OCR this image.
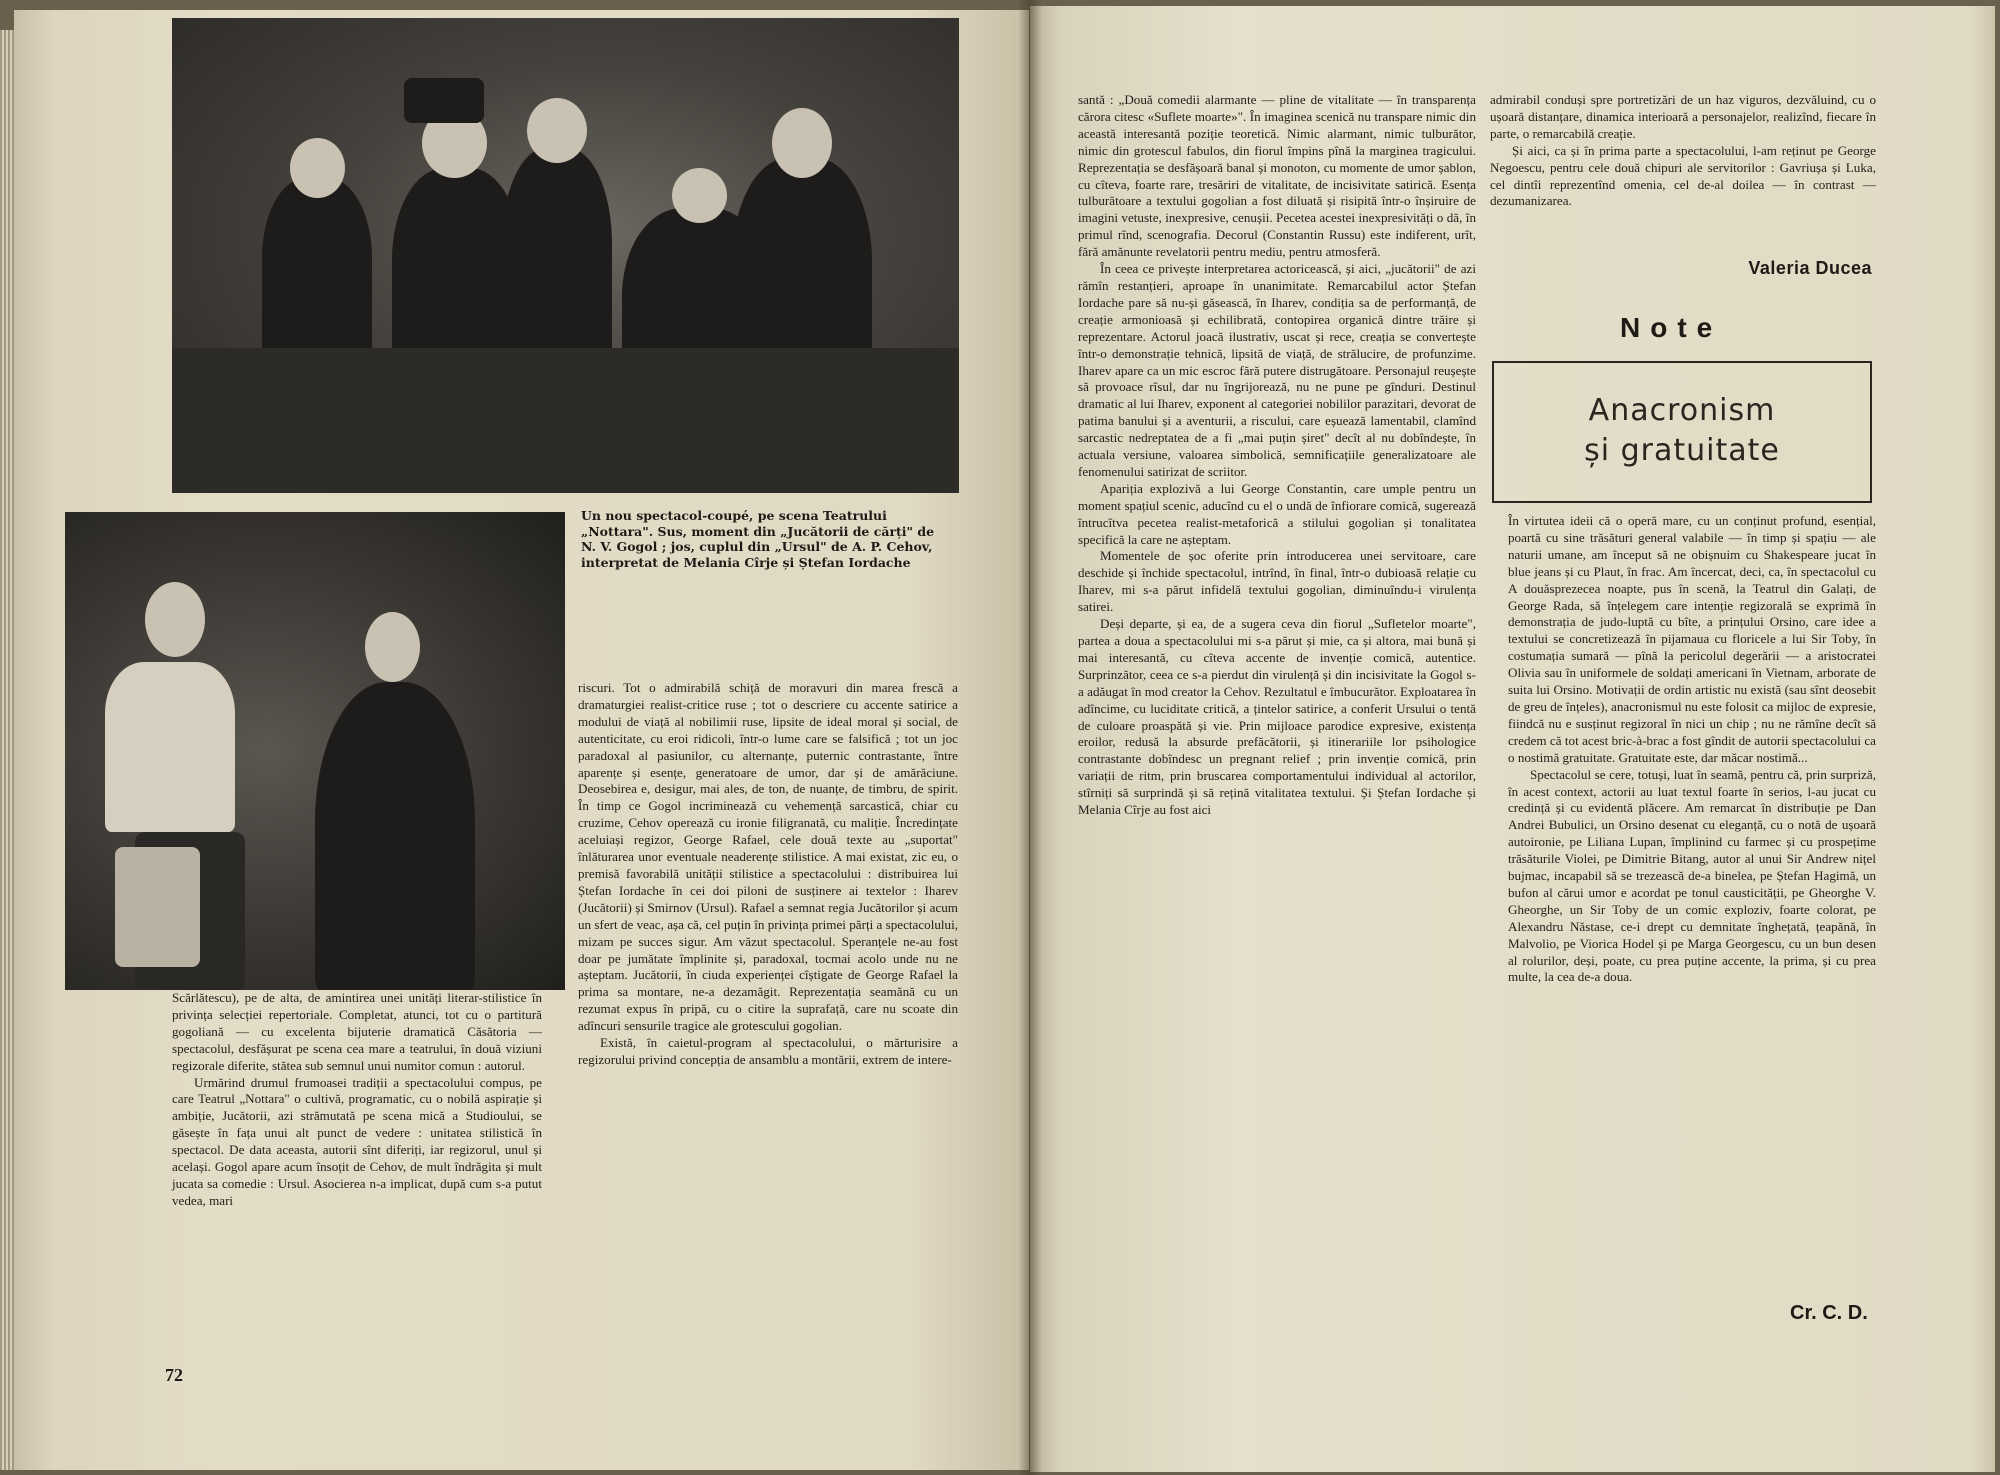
Un nou spectacol-coupé, pe scena Teatrului „Nottara". Sus, moment din „Jucătorii de cărți" de N. V. Gogol ; jos, cuplul din „Ursul" de A. P. Cehov, interpretat de Melania Cîrje și Ștefan Iordache

Scărlătescu), pe de alta, de amintirea unei unități literar-stilistice în privința selecției repertoriale. Completat, atunci, tot cu o partitură gogoliană — cu excelenta bijuterie dramatică Căsătoria — spectacolul, desfășurat pe scena cea mare a teatrului, în două viziuni regizorale diferite, stătea sub semnul unui numitor comun : autorul.

Urmărind drumul frumoasei tradiții a spectacolului compus, pe care Teatrul „Nottara" o cultivă, programatic, cu o nobilă aspirație și ambiție, Jucătorii, azi strămutată pe scena mică a Studioului, se găsește în fața unui alt punct de vedere : unitatea stilistică în spectacol. De data aceasta, autorii sînt diferiți, iar regizorul, unul și același. Gogol apare acum însoțit de Cehov, de mult îndrăgita și mult jucata sa comedie : Ursul. Asocierea n-a implicat, după cum s-a putut vedea, mari

riscuri. Tot o admirabilă schiță de moravuri din marea frescă a dramaturgiei realist-critice ruse ; tot o descriere cu accente satirice a modului de viață al nobilimii ruse, lipsite de ideal moral și social, de autenticitate, cu eroi ridicoli, într-o lume care se falsifică ; tot un joc paradoxal al pasiunilor, cu alternanțe, puternic contrastante, între aparențe și esențe, generatoare de umor, dar și de amărăciune. Deosebirea e, desigur, mai ales, de ton, de nuanțe, de timbru, de spirit. În timp ce Gogol incriminează cu vehemență sarcastică, chiar cu cruzime, Cehov operează cu ironie filigranată, cu maliție. Încredințate aceluiași regizor, George Rafael, cele două texte au „suportat" înlăturarea unor eventuale neaderențe stilistice. A mai existat, zic eu, o premisă favorabilă unității stilistice a spectacolului : distribuirea lui Ștefan Iordache în cei doi piloni de susținere ai textelor : Iharev (Jucătorii) și Smirnov (Ursul). Rafael a semnat regia Jucătorilor și acum un sfert de veac, așa că, cel puțin în privința primei părți a spectacolului, mizam pe succes sigur. Am văzut spectacolul. Speranțele ne-au fost doar pe jumătate împlinite și, paradoxal, tocmai acolo unde nu ne așteptam. Jucătorii, în ciuda experienței cîștigate de George Rafael la prima sa montare, ne-a dezamăgit. Reprezentația seamănă cu un rezumat expus în pripă, cu o citire la suprafață, care nu scoate din adîncuri sensurile tragice ale grotescului gogolian.

Există, în caietul-program al spectacolului, o mărturisire a regizorului privind concepția de ansamblu a montării, extrem de intere-

72

santă : „Două comedii alarmante — pline de vitalitate — în transparența cărora citesc «Suflete moarte»". În imaginea scenică nu transpare nimic din această interesantă poziție teoretică. Nimic alarmant, nimic tulburător, nimic din grotescul fabulos, din fiorul împins pînă la marginea tragicului. Reprezentația se desfășoară banal și monoton, cu momente de umor șablon, cu cîteva, foarte rare, tresăriri de vitalitate, de incisivitate satirică. Esența tulburătoare a textului gogolian a fost diluată și risipită într-o înșiruire de imagini vetuste, inexpresive, cenușii. Pecetea acestei inexpresivități o dă, în primul rînd, scenografia. Decorul (Constantin Russu) este indiferent, urît, fără amănunte revelatorii pentru mediu, pentru atmosferă.

În ceea ce privește interpretarea actoricească, și aici, „jucătorii" de azi rămîn restanțieri, aproape în unanimitate. Remarcabilul actor Ștefan Iordache pare să nu-și găsească, în Iharev, condiția sa de performanță, de creație armonioasă și echilibrată, contopirea organică dintre trăire și reprezentare. Actorul joacă ilustrativ, uscat și rece, creația se convertește într-o demonstrație tehnică, lipsită de viață, de strălucire, de profunzime. Iharev apare ca un mic escroc fără putere distrugătoare. Personajul reușește să provoace rîsul, dar nu îngrijorează, nu ne pune pe gînduri. Destinul dramatic al lui Iharev, exponent al categoriei nobililor parazitari, devorat de patima banului și a aventurii, a riscului, care eșuează lamentabil, clamînd sarcastic nedreptatea de a fi „mai puțin șiret" decît al nu dobîndește, în actuala versiune, valoarea simbolică, semnificațiile generalizatoare ale fenomenului satirizat de scriitor.

Apariția explozivă a lui George Constantin, care umple pentru un moment spațiul scenic, aducînd cu el o undă de înfiorare comică, sugerează întrucîtva pecetea realist-metaforică a stilului gogolian și tonalitatea specifică la care ne așteptam.

Momentele de șoc oferite prin introducerea unei servitoare, care deschide și închide spectacolul, intrînd, în final, într-o dubioasă relație cu Iharev, mi s-a părut infidelă textului gogolian, diminuîndu-i virulența satirei.

Deși departe, și ea, de a sugera ceva din fiorul „Sufletelor moarte", partea a doua a spectacolului mi s-a părut și mie, ca și altora, mai bună și mai interesantă, cu cîteva accente de invenție comică, autentice. Surprinzător, ceea ce s-a pierdut din virulență și din incisivitate la Gogol s-a adăugat în mod creator la Cehov. Rezultatul e îmbucurător. Exploatarea în adîncime, cu luciditate critică, a țintelor satirice, a conferit Ursului o tentă de culoare proaspătă și vie. Prin mijloace parodice expresive, existența eroilor, redusă la absurde prefăcătorii, și itinerariile lor psihologice contrastante dobîndesc un pregnant relief ; prin invenție comică, prin variații de ritm, prin bruscarea comportamentului individual al actorilor, stîrniți să surprindă și să rețină vitalitatea textului. Și Ștefan Iordache și Melania Cîrje au fost aici

admirabil conduși spre portretizări de un haz viguros, dezvăluind, cu o ușoară distanțare, dinamica interioară a personajelor, realizînd, fiecare în parte, o remarcabilă creație.

Și aici, ca și în prima parte a spectacolului, l-am reținut pe George Negoescu, pentru cele două chipuri ale servitorilor : Gavriușa și Luka, cel dintîi reprezentînd omenia, cel de-al doilea — în contrast — dezumanizarea.

Valeria Ducea
Note
Anacronism
și gratuitate

În virtutea ideii că o operă mare, cu un conținut profund, esențial, poartă cu sine trăsături general valabile — în timp și spațiu — ale naturii umane, am început să ne obișnuim cu Shakespeare jucat în blue jeans și cu Plaut, în frac. Am încercat, deci, ca, în spectacolul cu A douăsprezecea noapte, pus în scenă, la Teatrul din Galați, de George Rada, să înțelegem care intenție regizorală se exprimă în demonstrația de judo-luptă cu bîte, a prințului Orsino, care idee a textului se concretizează în pijamaua cu floricele a lui Sir Toby, în costumația sumară — pînă la pericolul degerării — a aristocratei Olivia sau în uniformele de soldați americani în Vietnam, arborate de suita lui Orsino. Motivații de ordin artistic nu există (sau sînt deosebit de greu de înțeles), anacronismul nu este folosit ca mijloc de expresie, fiindcă nu e susținut regizoral în nici un chip ; nu ne rămîne decît să credem că tot acest bric-à-brac a fost gîndit de autorii spectacolului ca o nostimă gratuitate. Gratuitate este, dar măcar nostimă...

Spectacolul se cere, totuși, luat în seamă, pentru că, prin surpriză, în acest context, actorii au luat textul foarte în serios, l-au jucat cu credință și cu evidentă plăcere. Am remarcat în distribuție pe Dan Andrei Bubulici, un Orsino desenat cu eleganță, cu o notă de ușoară autoironie, pe Liliana Lupan, împlinind cu farmec și cu prospețime trăsăturile Violei, pe Dimitrie Bitang, autor al unui Sir Andrew nițel bujmac, incapabil să se trezească de-a binelea, pe Ștefan Hagimă, un bufon al cărui umor e acordat pe tonul causticității, pe Gheorghe V. Gheorghe, un Sir Toby de un comic exploziv, foarte colorat, pe Alexandru Năstase, ce-i drept cu demnitate înghețată, țeapănă, în Malvolio, pe Viorica Hodel și pe Marga Georgescu, cu un bun desen al rolurilor, deși, poate, cu prea puține accente, la prima, și cu prea multe, la cea de-a doua.

Cr. C. D.
